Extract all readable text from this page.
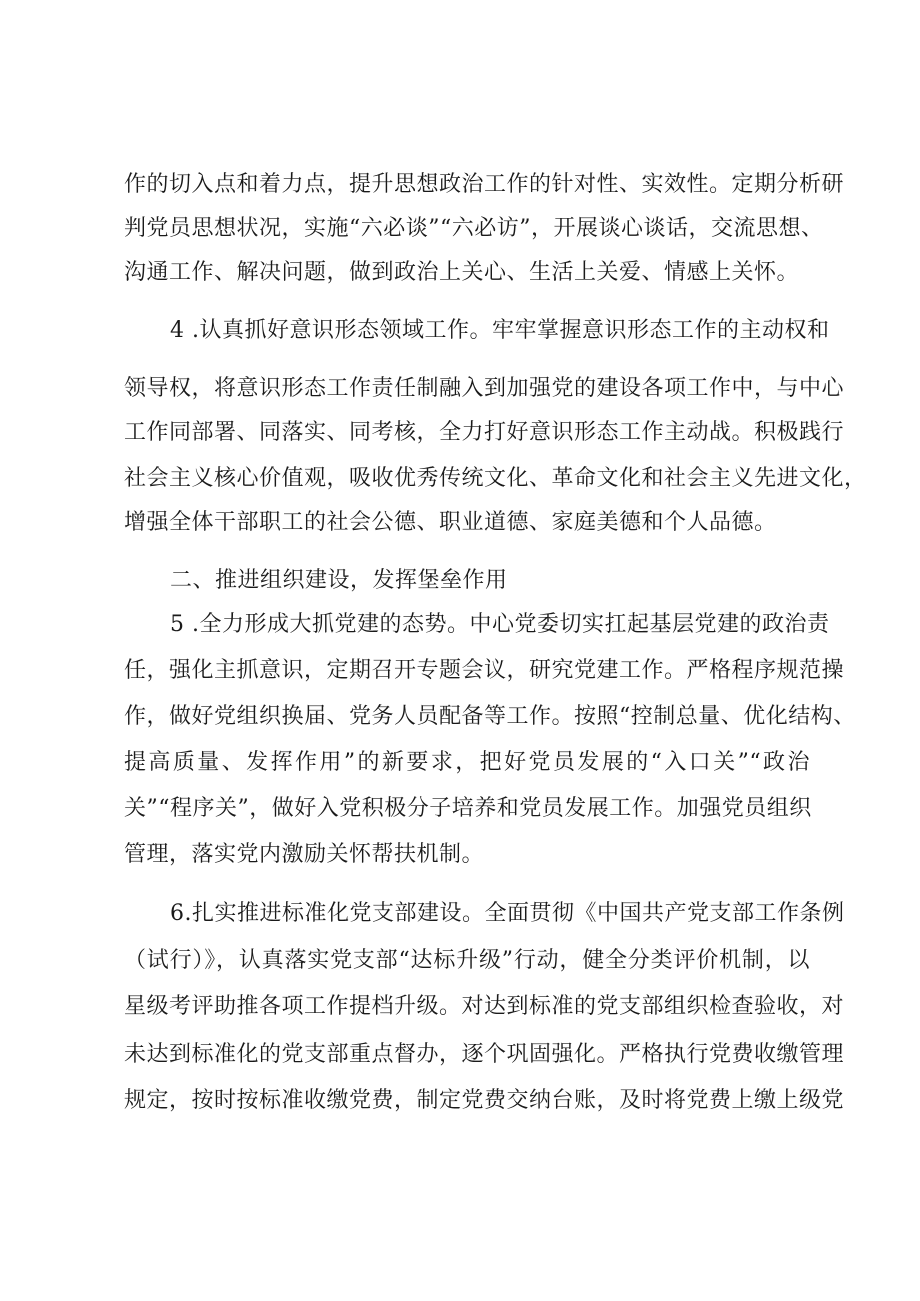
作的切入点和着力点，提升思想政治工作的针对性、实效性。定期分析研
判党员思想状况，实施“六必谈”“六必访”，开展谈心谈话，交流思想、
沟通工作、解决问题，做到政治上关心、生活上关爱、情感上关怀。
4 .认真抓好意识形态领域工作。牢牢掌握意识形态工作的主动权和
领导权，将意识形态工作责任制融入到加强党的建设各项工作中，与中心
工作同部署、同落实、同考核，全力打好意识形态工作主动战。积极践行
社会主义核心价值观，吸收优秀传统文化、革命文化和社会主义先进文化，
增强全体干部职工的社会公德、职业道德、家庭美德和个人品德。
二、推进组织建设，发挥堡垒作用
5 .全力形成大抓党建的态势。中心党委切实扛起基层党建的政治责
任，强化主抓意识，定期召开专题会议，研究党建工作。严格程序规范操
作，做好党组织换届、党务人员配备等工作。按照“控制总量、优化结构、
提高质量、发挥作用”的新要求，把好党员发展的“入口关”“政治
关”“程序关”，做好入党积极分子培养和党员发展工作。加强党员组织
管理，落实党内激励关怀帮扶机制。
6.扎实推进标准化党支部建设。全面贯彻《中国共产党支部工作条例
（试行）》，认真落实党支部“达标升级”行动，健全分类评价机制，以
星级考评助推各项工作提档升级。对达到标准的党支部组织检查验收，对
未达到标准化的党支部重点督办，逐个巩固强化。严格执行党费收缴管理
规定，按时按标准收缴党费，制定党费交纳台账，及时将党费上缴上级党
